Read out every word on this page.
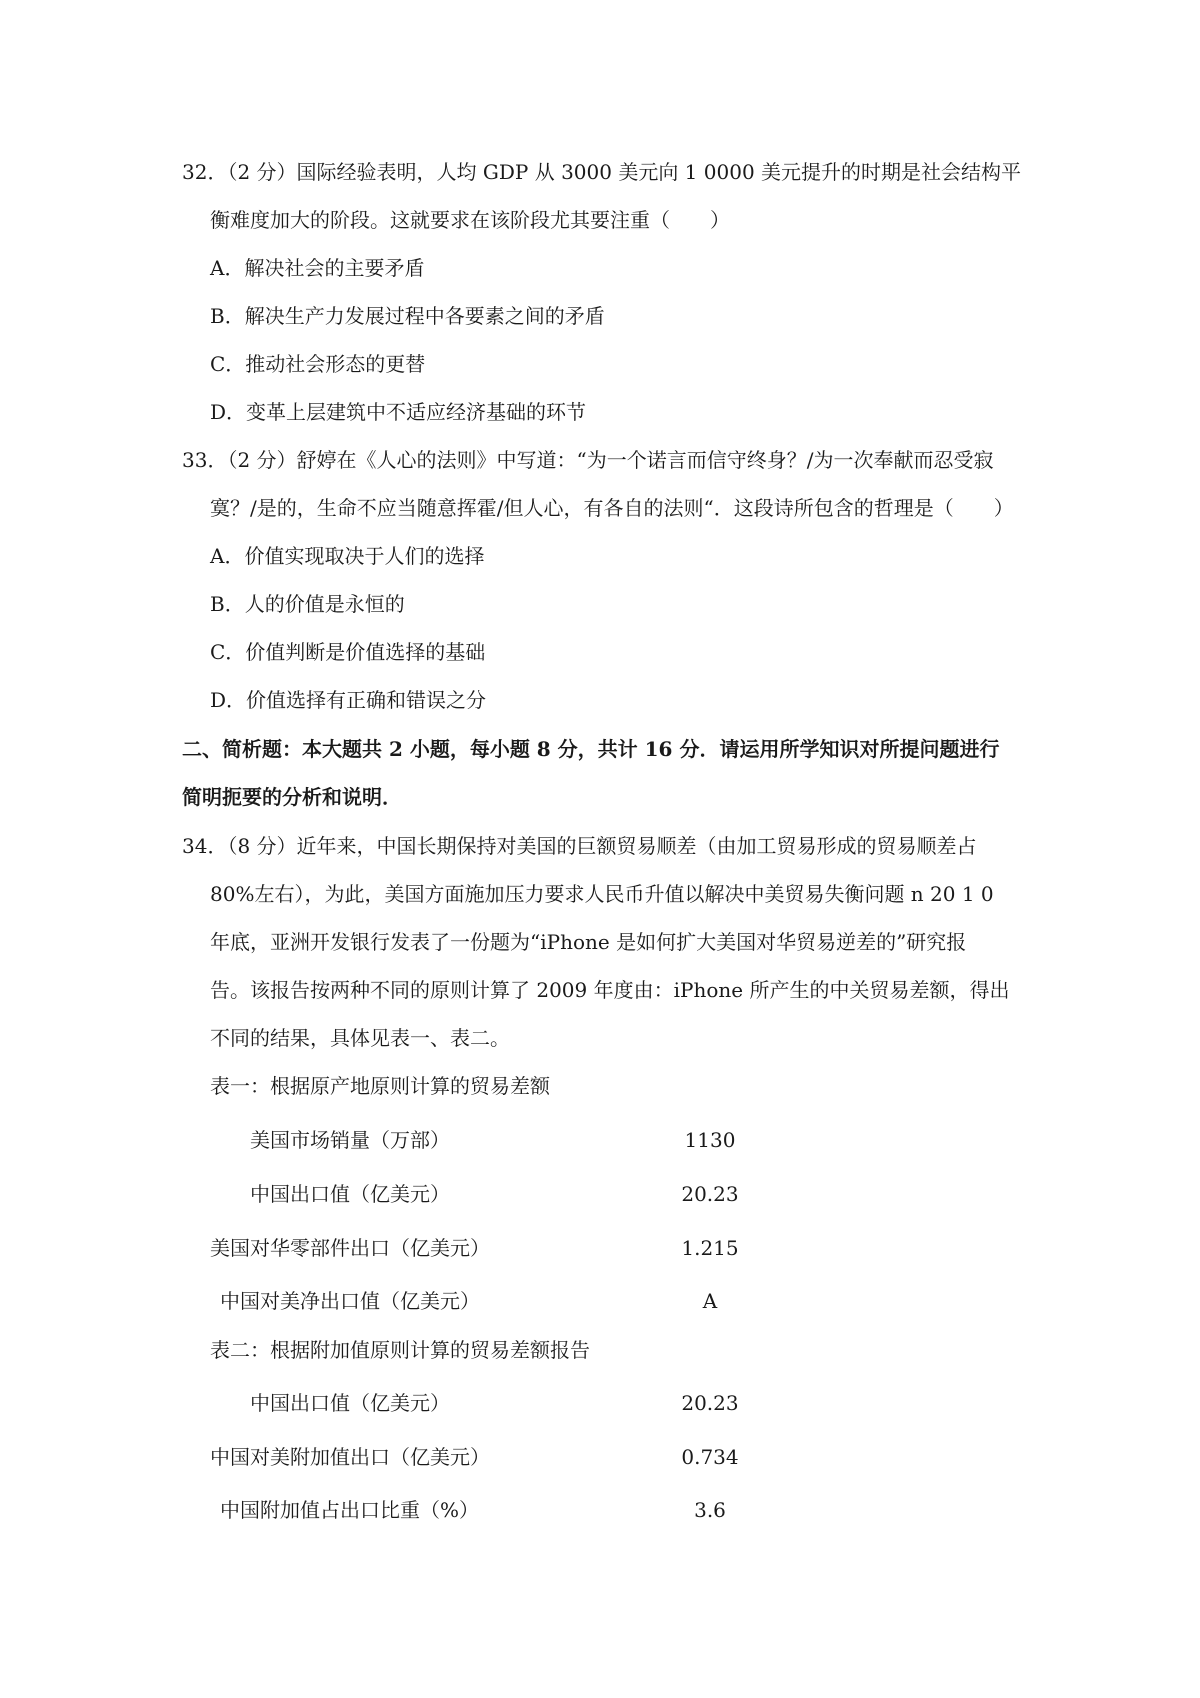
32．（2 分）国际经验表明，人均 GDP 从 3000 美元向 1 0000 美元提升的时期是社会结构平
衡难度加大的阶段。这就要求在该阶段尤其要注重（　　）
A．解决社会的主要矛盾
B．解决生产力发展过程中各要素之间的矛盾
C．推动社会形态的更替
D．变革上层建筑中不适应经济基础的环节
33．（2 分）舒婷在《人心的法则》中写道：“为一个诺言而信守终身？/为一次奉献而忍受寂
寞？/是的，生命不应当随意挥霍/但人心，有各自的法则“．这段诗所包含的哲理是（　　）
A．价值实现取决于人们的选择
B．人的价值是永恒的
C．价值判断是价值选择的基础
D．价值选择有正确和错误之分
二、简析题：本大题共 2 小题，每小题 8 分，共计 16 分．请运用所学知识对所提问题进行
简明扼要的分析和说明．
34．（8 分）近年来，中国长期保持对美国的巨额贸易顺差（由加工贸易形成的贸易顺差占
80%左右），为此，美国方面施加压力要求人民币升值以解决中美贸易失衡问题 n 20 1 0
年底，亚洲开发银行发表了一份题为“iPhone 是如何扩大美国对华贸易逆差的”研究报
告。该报告按两种不同的原则计算了 2009 年度由：iPhone 所产生的中关贸易差额，得出
不同的结果，具体见表一、表二。
表一：根据原产地原则计算的贸易差额
美国市场销量（万部）	1130
中国出口值（亿美元）	20.23
美国对华零部件出口（亿美元）	1.215
中国对美净出口值（亿美元）	A
表二：根据附加值原则计算的贸易差额报告
中国出口值（亿美元）	20.23
中国对美附加值出口（亿美元）	0.734
中国附加值占出口比重（%）	3.6
